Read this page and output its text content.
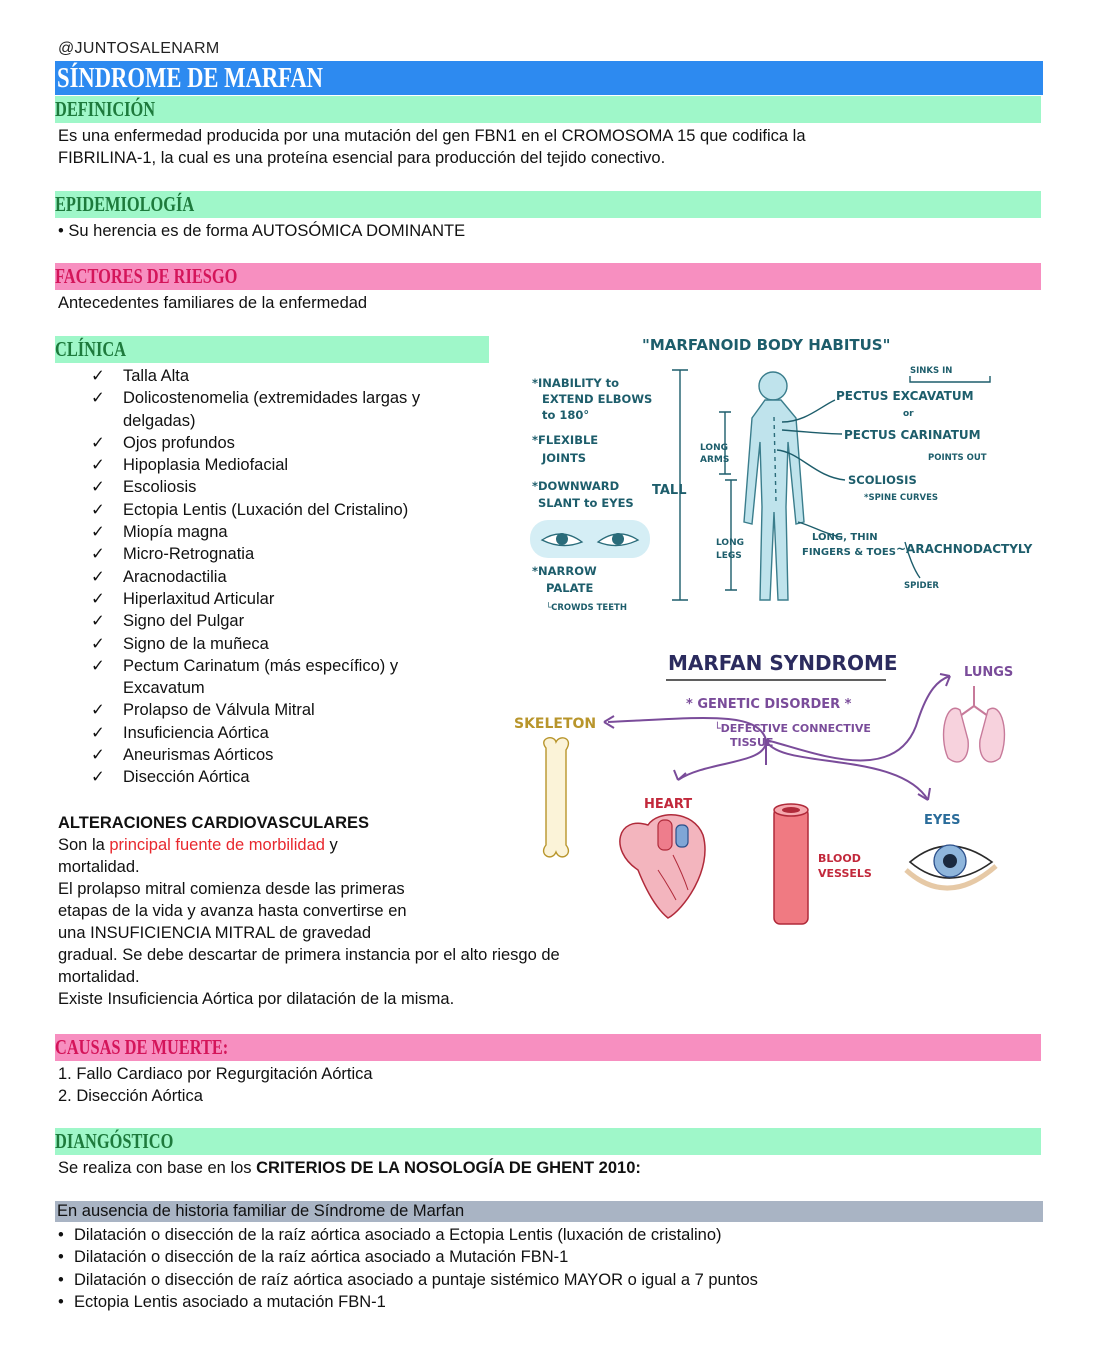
@JUNTOSALENARM
SÍNDROME DE MARFAN
DEFINICIÓN
Es una enfermedad producida por una mutación del gen FBN1 en el CROMOSOMA 15 que codifica la
FIBRILINA-1, la cual es una proteína esencial para producción del tejido conectivo.
EPIDEMIOLOGÍA
• Su herencia es de forma AUTOSÓMICA DOMINANTE
FACTORES DE RIESGO
Antecedentes familiares de la enfermedad
CLÍNICA
✓ Talla Alta
✓ Dolicostenomelia (extremidades largas y
delgadas)
✓ Ojos profundos
✓ Hipoplasia Mediofacial
✓ Escoliosis
✓ Ectopia Lentis (Luxación del Cristalino)
✓ Miopía magna
✓ Micro-Retrognatia
✓ Aracnodactilia
✓ Hiperlaxitud Articular
✓ Signo del Pulgar
✓ Signo de la muñeca
✓ Pectum Carinatum (más específico) y
Excavatum
✓ Prolapso de Válvula Mitral
✓ Insuficiencia Aórtica
✓ Aneurismas Aórticos
✓ Disección Aórtica
ALTERACIONES CARDIOVASCULARES
Son la principal fuente de morbilidad y
mortalidad.
El prolapso mitral comienza desde las primeras
etapas de la vida y avanza hasta convertirse en
una INSUFICIENCIA MITRAL de gravedad
gradual. Se debe descartar de primera instancia por el alto riesgo de
mortalidad.
Existe Insuficiencia Aórtica por dilatación de la misma.
CAUSAS DE MUERTE:
1. Fallo Cardiaco por Regurgitación Aórtica
2. Disección Aórtica
DIANGÓSTICO
Se realiza con base en los CRITERIOS DE LA NOSOLOGÍA DE GHENT 2010:
En ausencia de historia familiar de Síndrome de Marfan
• Dilatación o disección de la raíz aórtica asociado a Ectopia Lentis (luxación de cristalino)
• Dilatación o disección de la raíz aórtica asociado a Mutación FBN-1
• Dilatación o disección de raíz aórtica asociado a puntaje sistémico MAYOR o igual a 7 puntos
• Ectopia Lentis asociado a mutación FBN-1
"MARFANOID BODY HABITUS"
*INABILITY to
EXTEND ELBOWS
to 180°
*FLEXIBLE
JOINTS
*DOWNWARD
SLANT to EYES
*NARROW
PALATE
└CROWDS TEETH
LONG
ARMS
TALL
LONG
LEGS
SINKS IN
PECTUS EXCAVATUM
or
PECTUS CARINATUM
POINTS OUT
SCOLIOSIS
*SPINE CURVES
LONG, THIN
FINGERS & TOES ~ARACHNODACTYLY
SPIDER
MARFAN SYNDROME
* GENETIC DISORDER *
└DEFECTIVE CONNECTIVE
TISSUE
SKELETON
HEART
BLOOD
VESSELS
LUNGS
EYES
